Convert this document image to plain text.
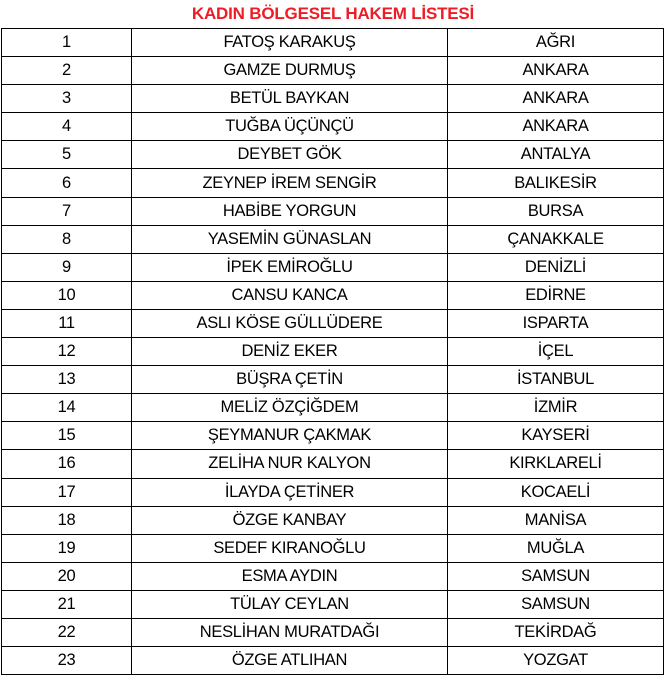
KADIN BÖLGESEL HAKEM LİSTESİ
1	FATOŞ KARAKUŞ	AĞRI
2	GAMZE DURMUŞ	ANKARA
3	BETÜL BAYKAN	ANKARA
4	TUĞBA ÜÇÜNÇÜ	ANKARA
5	DEYBET GÖK	ANTALYA
6	ZEYNEP İREM SENGİR	BALIKESİR
7	HABİBE YORGUN	BURSA
8	YASEMİN GÜNASLAN	ÇANAKKALE
9	İPEK EMİROĞLU	DENİZLİ
10	CANSU KANCA	EDİRNE
11	ASLI KÖSE GÜLLÜDERE	ISPARTA
12	DENİZ EKER	İÇEL
13	BÜŞRA ÇETİN	İSTANBUL
14	MELİZ ÖZÇİĞDEM	İZMİR
15	ŞEYMANUR ÇAKMAK	KAYSERİ
16	ZELİHA NUR KALYON	KIRKLARELİ
17	İLAYDA ÇETİNER	KOCAELİ
18	ÖZGE KANBAY	MANİSA
19	SEDEF KIRANOĞLU	MUĞLA
20	ESMA AYDIN	SAMSUN
21	TÜLAY CEYLAN	SAMSUN
22	NESLİHAN MURATDAĞI	TEKİRDAĞ
23	ÖZGE ATLIHAN	YOZGAT
